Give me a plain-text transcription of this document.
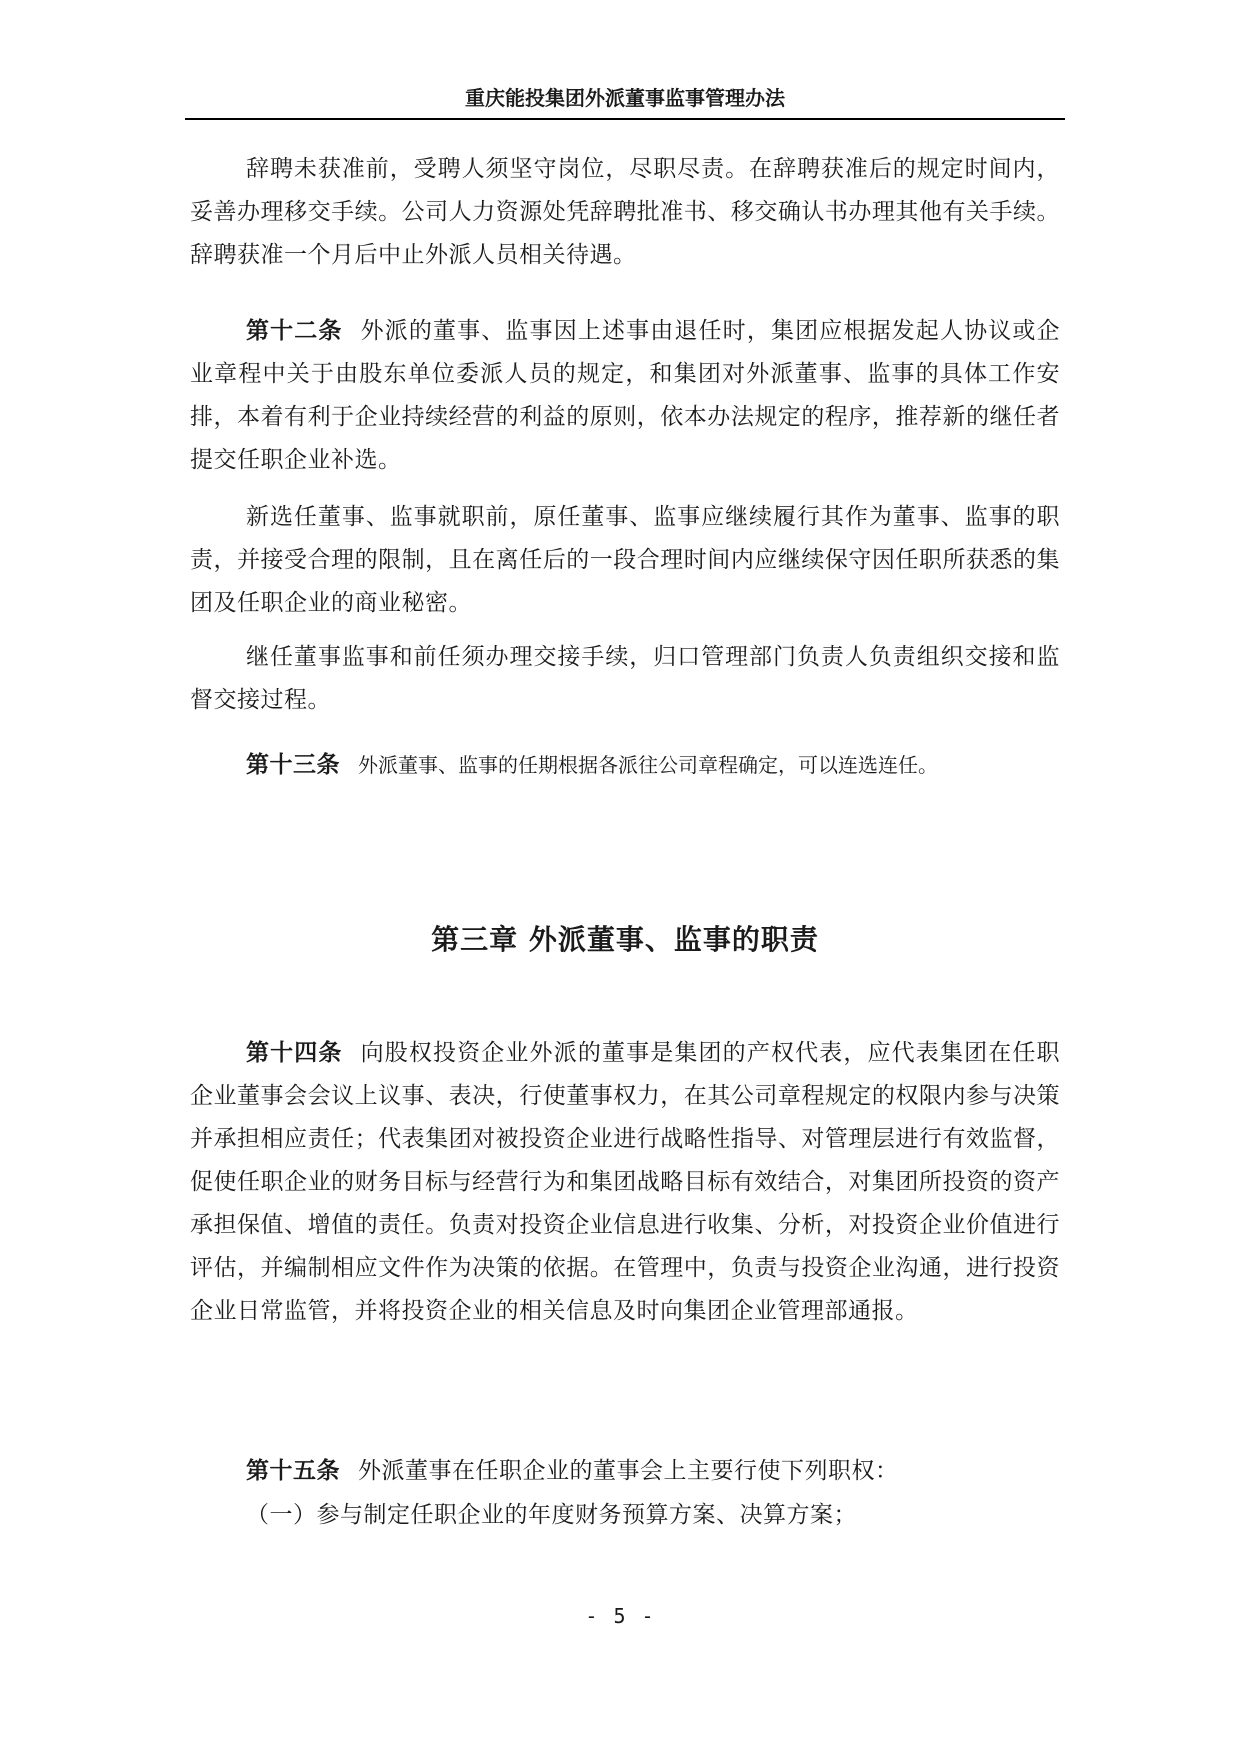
重庆能投集团外派董事监事管理办法
辞聘未获准前，受聘人须坚守岗位，尽职尽责。在辞聘获准后的规定时间内，妥善办理移交手续。公司人力资源处凭辞聘批准书、移交确认书办理其他有关手续。辞聘获准一个月后中止外派人员相关待遇。
第十二条 外派的董事、监事因上述事由退任时，集团应根据发起人协议或企业章程中关于由股东单位委派人员的规定，和集团对外派董事、监事的具体工作安排，本着有利于企业持续经营的利益的原则，依本办法规定的程序，推荐新的继任者提交任职企业补选。
新选任董事、监事就职前，原任董事、监事应继续履行其作为董事、监事的职责，并接受合理的限制，且在离任后的一段合理时间内应继续保守因任职所获悉的集团及任职企业的商业秘密。
继任董事监事和前任须办理交接手续，归口管理部门负责人负责组织交接和监督交接过程。
第十三条 外派董事、监事的任期根据各派往公司章程确定，可以连选连任。
第三章 外派董事、监事的职责
第十四条 向股权投资企业外派的董事是集团的产权代表，应代表集团在任职企业董事会会议上议事、表决，行使董事权力，在其公司章程规定的权限内参与决策并承担相应责任；代表集团对被投资企业进行战略性指导、对管理层进行有效监督，促使任职企业的财务目标与经营行为和集团战略目标有效结合，对集团所投资的资产承担保值、增值的责任。负责对投资企业信息进行收集、分析，对投资企业价值进行评估，并编制相应文件作为决策的依据。在管理中，负责与投资企业沟通，进行投资企业日常监管，并将投资企业的相关信息及时向集团企业管理部通报。
第十五条 外派董事在任职企业的董事会上主要行使下列职权：
（一）参与制定任职企业的年度财务预算方案、决算方案；
- 5 -
